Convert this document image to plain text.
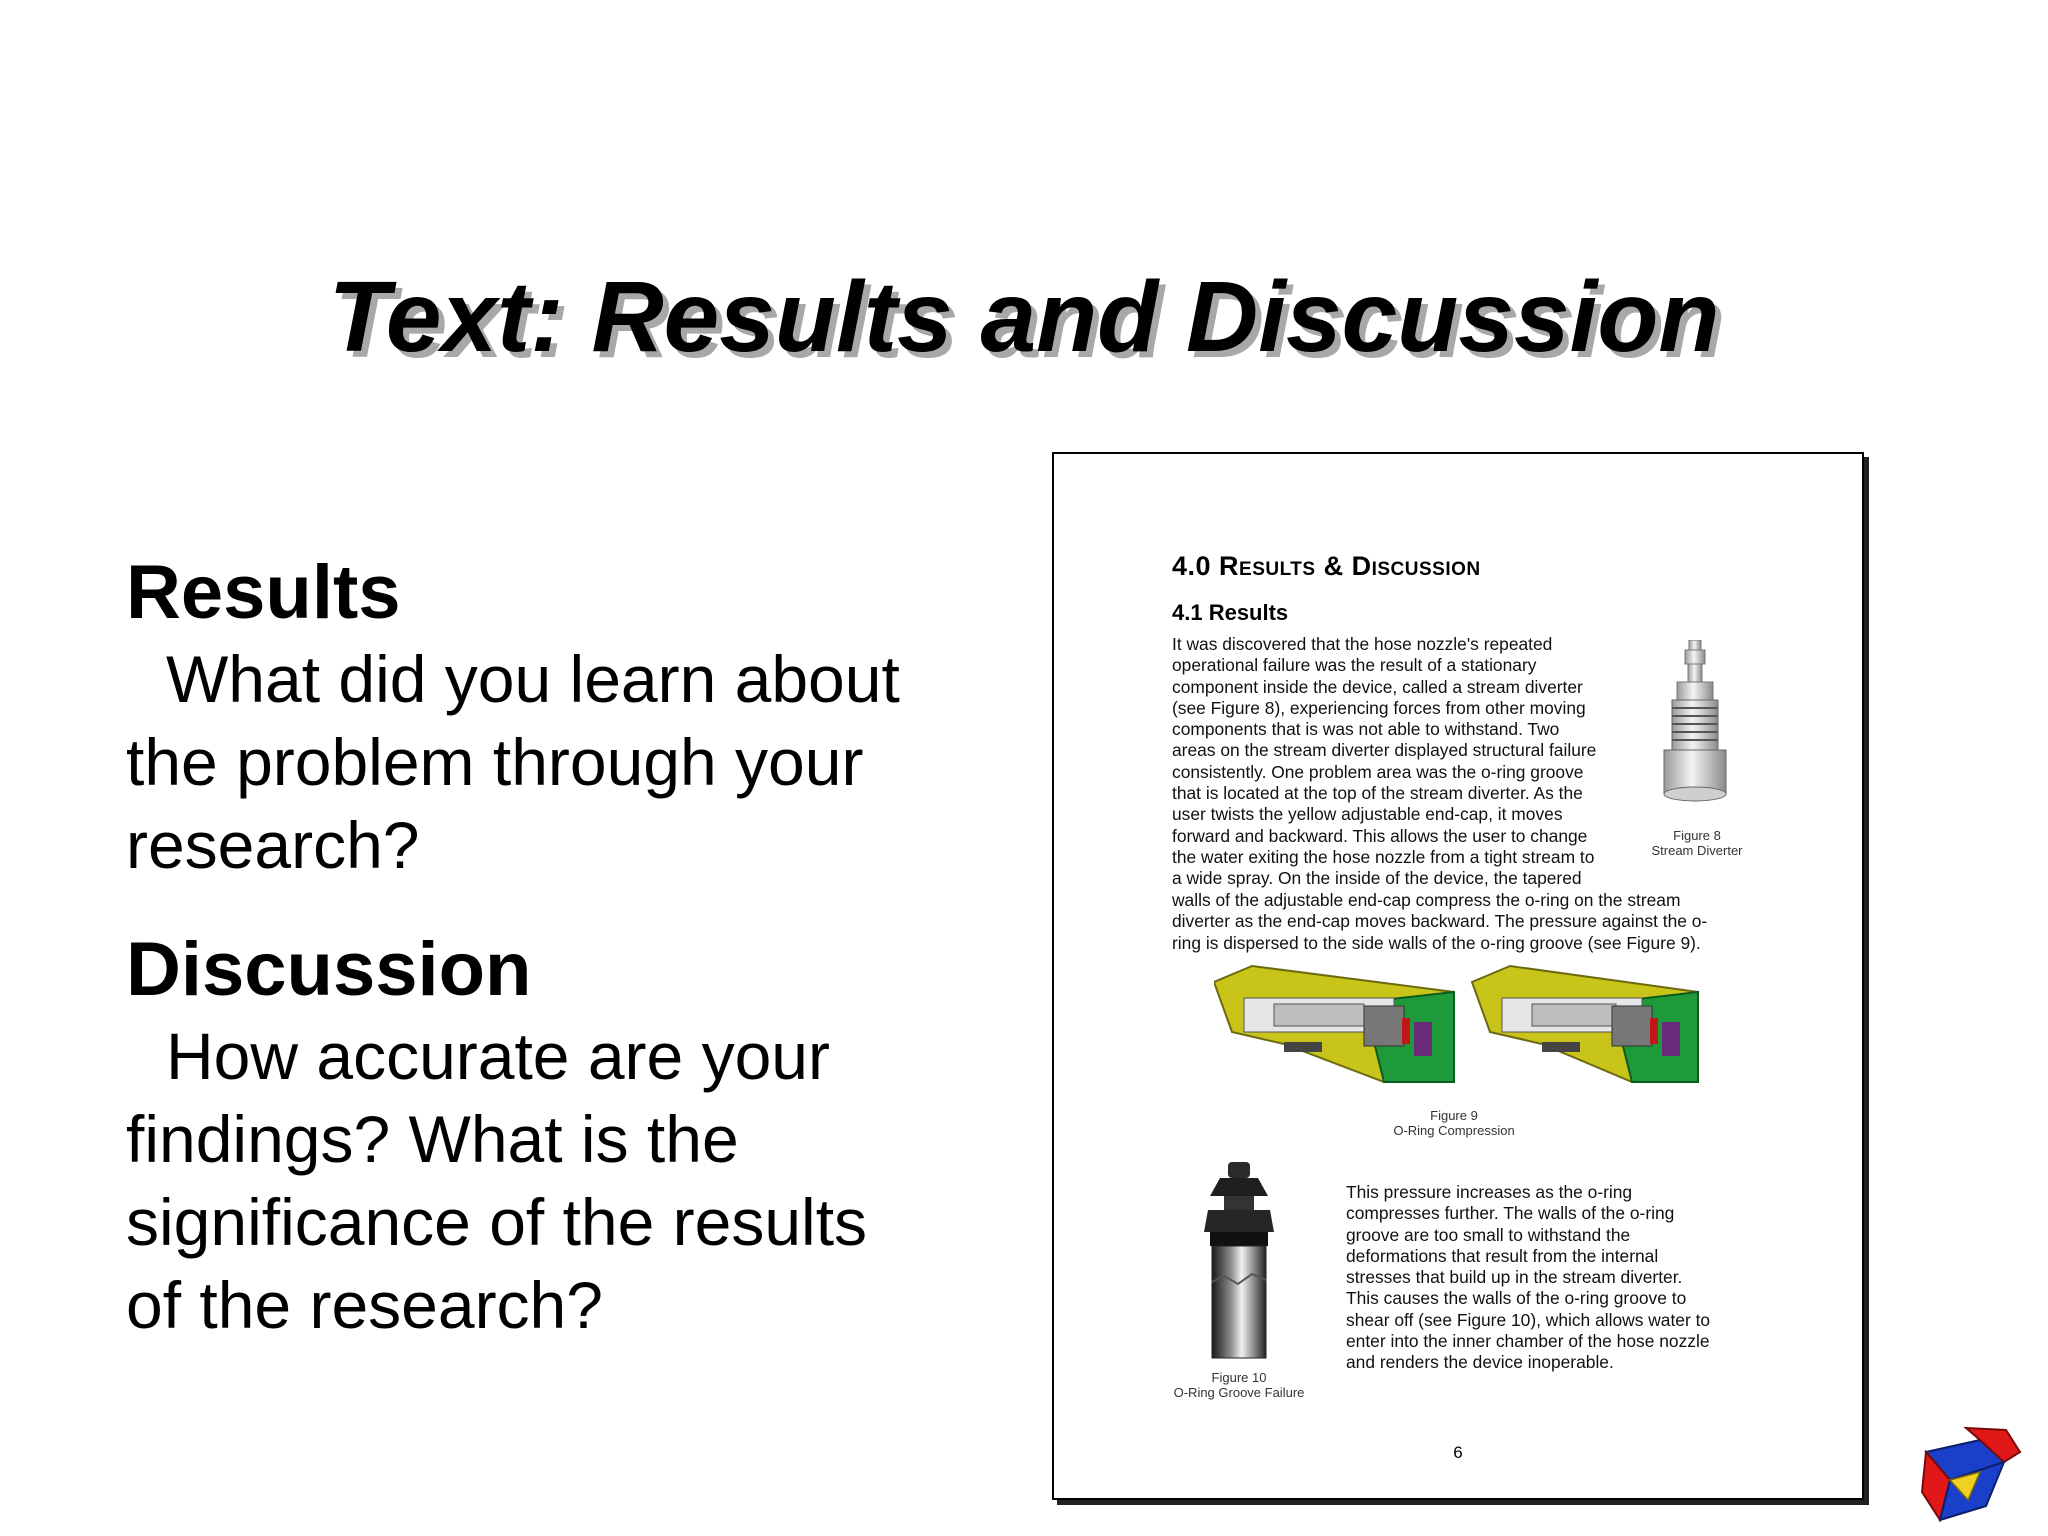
Text: Results and Discussion

Results

What did you learn about
the problem through your
research?

Discussion

How accurate are your
findings? What is the
significance of the results
of the research?
4.0 Results & Discussion
4.1 Results
It was discovered that the hose nozzle's repeated
operational failure was the result of a stationary
component inside the device, called a stream diverter
(see Figure 8), experiencing forces from other moving
components that is was not able to withstand. Two
areas on the stream diverter displayed structural failure
consistently. One problem area was the o-ring groove
that is located at the top of the stream diverter. As the
user twists the yellow adjustable end-cap, it moves
forward and backward. This allows the user to change
the water exiting the hose nozzle from a tight stream to
a wide spray. On the inside of the device, the tapered
walls of the adjustable end-cap compress the o-ring on the stream
diverter as the end-cap moves backward. The pressure against the o-
ring is dispersed to the side walls of the o-ring groove (see Figure 9).
Figure 8
Stream Diverter
Figure 9
O-Ring Compression
This pressure increases as the o-ring
compresses further. The walls of the o-ring
groove are too small to withstand the
deformations that result from the internal
stresses that build up in the stream diverter.
This causes the walls of the o-ring groove to
shear off (see Figure 10), which allows water to
enter into the inner chamber of the hose nozzle
and renders the device inoperable.
Figure 10
O-Ring Groove Failure
6
